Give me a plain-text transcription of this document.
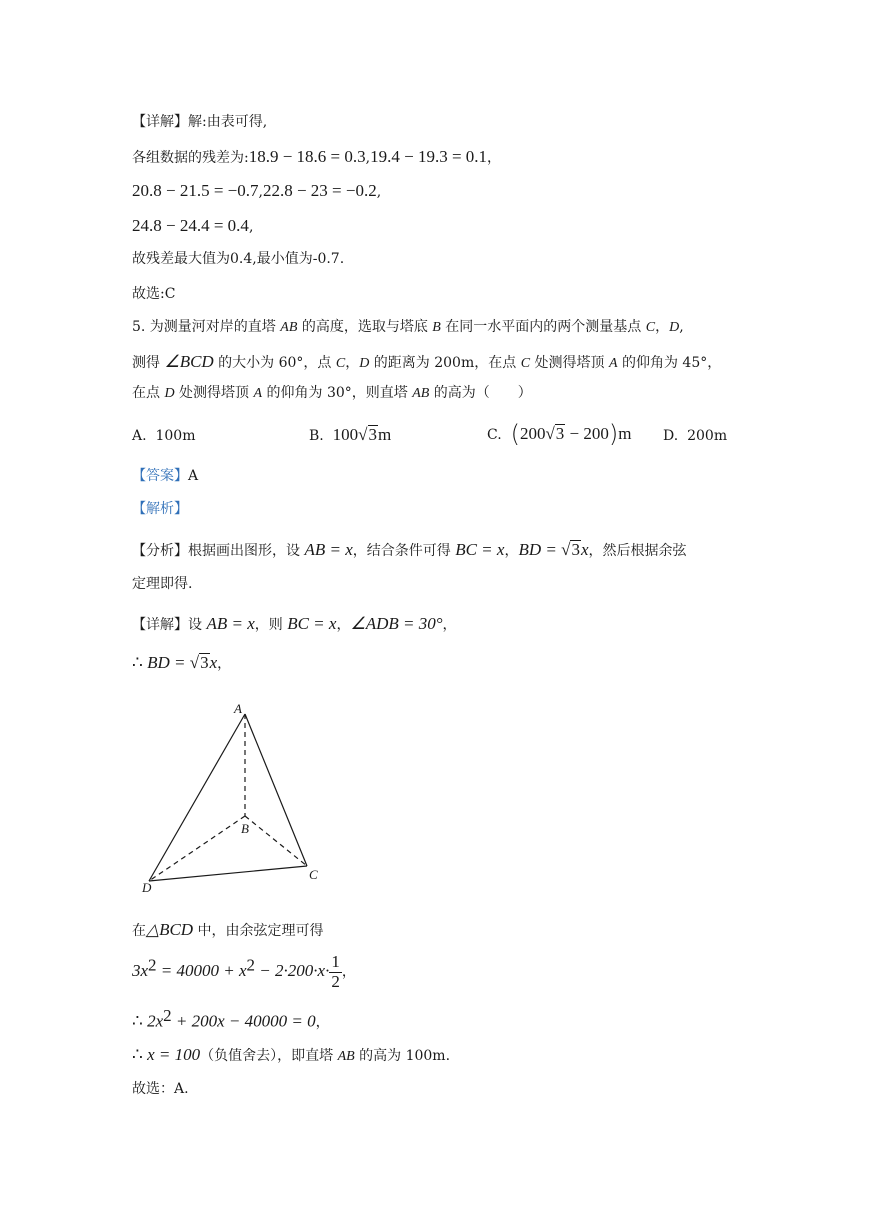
【详解】解:由表可得,
各组数据的残差为:18.9 − 18.6 = 0.3,19.4 − 19.3 = 0.1，
20.8 − 21.5 = −0.7,22.8 − 23 = −0.2,
24.8 − 24.4 = 0.4,
故残差最大值为0.4,最小值为-0.7.
故选:C
5. 为测量河对岸的直塔 AB 的高度，选取与塔底 B 在同一水平面内的两个测量基点 C，D,
测得 ∠BCD 的大小为 60°，点 C，D 的距离为 200m，在点 C 处测得塔顶 A 的仰角为 45°，
在点 D 处测得塔顶 A 的仰角为 30°，则直塔 AB 的高为（　　）
A. 100m	B. 100√3m	C. (200√3 − 200)m D. 200m
【答案】A
【解析】
【分析】根据画出图形，设 AB = x，结合条件可得 BC = x，BD = √3x，然后根据余弦
定理即得.
【详解】设 AB = x，则 BC = x，∠ADB = 30°，
∴ BD = √3x，
A
B
C
D
在△BCD 中，由余弦定理可得
$3x^2 = 40000 + x^2 - 2\cdot 200\cdot x\cdot \frac{1}{2}$ ，
∴ $2x^2 + 200x - 40000 = 0$，
∴ x = 100（负值舍去），即直塔 AB 的高为 100m.
故选：A.
